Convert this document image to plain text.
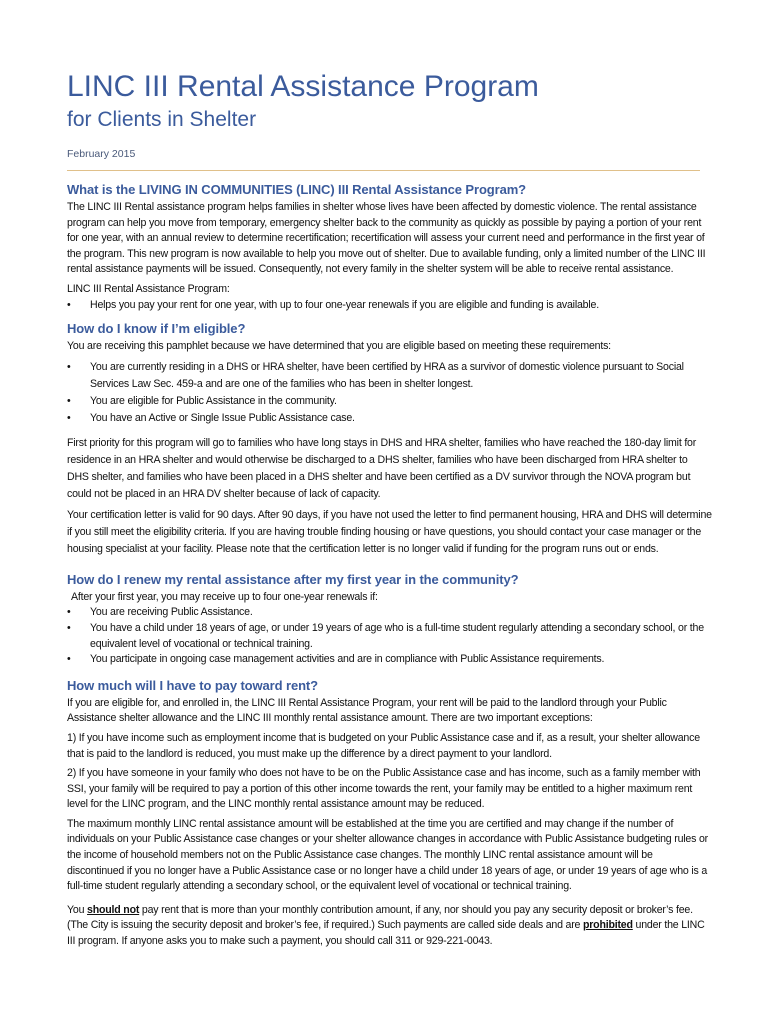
LINC III Rental Assistance Program
for Clients in Shelter
February 2015
What is the LIVING IN COMMUNITIES (LINC) III Rental Assistance Program?

The LINC III Rental assistance program helps families in shelter whose lives have been affected by domestic violence. The rental assistance program can help you move from temporary, emergency shelter back to the community as quickly as possible by paying a portion of your rent for one year, with an annual review to determine recertification; recertification will assess your current need and performance in the first year of the program. This new program is now available to help you move out of shelter. Due to available funding, only a limited number of the LINC III rental assistance payments will be issued. Consequently, not every family in the shelter system will be able to receive rental assistance.

LINC III Rental Assistance Program:
• Helps you pay your rent for one year, with up to four one-year renewals if you are eligible and funding is available.
How do I know if I’m eligible?

You are receiving this pamphlet because we have determined that you are eligible based on meeting these requirements:

• You are currently residing in a DHS or HRA shelter, have been certified by HRA as a survivor of domestic violence pursuant to Social Services Law Sec. 459-a and are one of the families who has been in shelter longest.
• You are eligible for Public Assistance in the community.
• You have an Active or Single Issue Public Assistance case.

First priority for this program will go to families who have long stays in DHS and HRA shelter, families who have reached the 180-day limit for residence in an HRA shelter and would otherwise be discharged to a DHS shelter, families who have been discharged from HRA shelter to DHS shelter, and families who have been placed in a DHS shelter and have been certified as a DV survivor through the NOVA program but could not be placed in an HRA DV shelter because of lack of capacity.

Your certification letter is valid for 90 days. After 90 days, if you have not used the letter to find permanent housing, HRA and DHS will determine if you still meet the eligibility criteria. If you are having trouble finding housing or have questions, you should contact your case manager or the housing specialist at your facility. Please note that the certification letter is no longer valid if funding for the program runs out or ends.

How do I renew my rental assistance after my first year in the community?
After your first year, you may receive up to four one-year renewals if:
• You are receiving Public Assistance.
• You have a child under 18 years of age, or under 19 years of age who is a full-time student regularly attending a secondary school, or the equivalent level of vocational or technical training.
• You participate in ongoing case management activities and are in compliance with Public Assistance requirements.
How much will I have to pay toward rent?

If you are eligible for, and enrolled in, the LINC III Rental Assistance Program, your rent will be paid to the landlord through your Public Assistance shelter allowance and the LINC III monthly rental assistance amount. There are two important exceptions:

1) If you have income such as employment income that is budgeted on your Public Assistance case and if, as a result, your shelter allowance that is paid to the landlord is reduced, you must make up the difference by a direct payment to your landlord.

2) If you have someone in your family who does not have to be on the Public Assistance case and has income, such as a family member with SSI, your family will be required to pay a portion of this other income towards the rent, your family may be entitled to a higher maximum rent level for the LINC program, and the LINC monthly rental assistance amount may be reduced.

The maximum monthly LINC rental assistance amount will be established at the time you are certified and may change if the number of individuals on your Public Assistance case changes or your shelter allowance changes in accordance with Public Assistance budgeting rules or the income of household members not on the Public Assistance case changes. The monthly LINC rental assistance amount will be discontinued if you no longer have a Public Assistance case or no longer have a child under 18 years of age, or under 19 years of age who is a full-time student regularly attending a secondary school, or the equivalent level of vocational or technical training.

You should not pay rent that is more than your monthly contribution amount, if any, nor should you pay any security deposit or broker’s fee. (The City is issuing the security deposit and broker’s fee, if required.) Such payments are called side deals and are prohibited under the LINC III program. If anyone asks you to make such a payment, you should call 311 or 929-221-0043.
